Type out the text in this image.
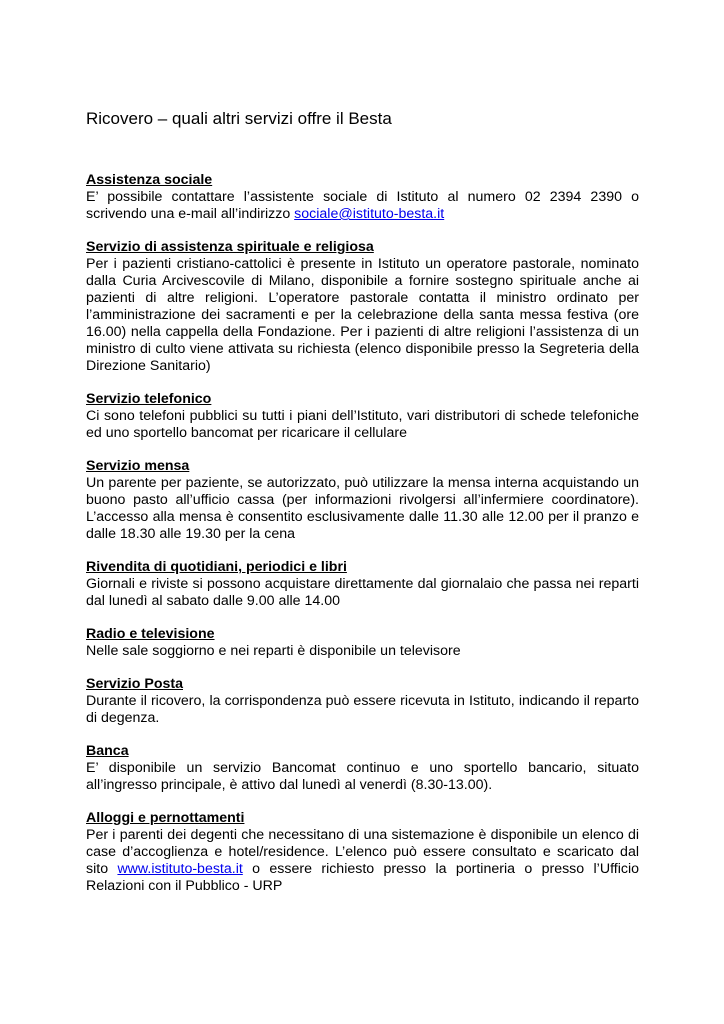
Ricovero – quali altri servizi offre il Besta

Assistenza sociale

E’ possibile contattare l’assistente sociale di Istituto al numero 02 2394 2390 o scrivendo una e-mail all’indirizzo sociale@istituto-besta.it

Servizio di assistenza spirituale e religiosa

Per i pazienti cristiano-cattolici è presente in Istituto un operatore pastorale, nominato dalla Curia Arcivescovile di Milano, disponibile a fornire sostegno spirituale anche ai pazienti di altre religioni. L’operatore pastorale contatta il ministro ordinato per l’amministrazione dei sacramenti e per la celebrazione della santa messa festiva (ore 16.00) nella cappella della Fondazione. Per i pazienti di altre religioni l’assistenza di un ministro di culto viene attivata su richiesta (elenco disponibile presso la Segreteria della Direzione Sanitario)

Servizio telefonico

Ci sono telefoni pubblici su tutti i piani dell’Istituto, vari distributori di schede telefoniche ed uno sportello bancomat per ricaricare il cellulare

Servizio mensa

Un parente per paziente, se autorizzato, può utilizzare la mensa interna acquistando un buono pasto all’ufficio cassa (per informazioni rivolgersi all’infermiere coordinatore). L’accesso alla mensa è consentito esclusivamente dalle 11.30 alle 12.00 per il pranzo e dalle 18.30 alle 19.30 per la cena

Rivendita di quotidiani, periodici e libri

Giornali e riviste si possono acquistare direttamente dal giornalaio che passa nei reparti dal lunedì al sabato dalle 9.00 alle 14.00

Radio e televisione

Nelle sale soggiorno e nei reparti è disponibile un televisore

Servizio Posta

Durante il ricovero, la corrispondenza può essere ricevuta in Istituto, indicando il reparto di degenza.

Banca

E’ disponibile un servizio Bancomat continuo e uno sportello bancario, situato all’ingresso principale, è attivo dal lunedì al venerdì (8.30-13.00).

Alloggi e pernottamenti

Per i parenti dei degenti che necessitano di una sistemazione è disponibile un elenco di case d’accoglienza e hotel/residence. L’elenco può essere consultato e scaricato dal sito www.istituto-besta.it o essere richiesto presso la portineria o presso l’Ufficio Relazioni con il Pubblico - URP
